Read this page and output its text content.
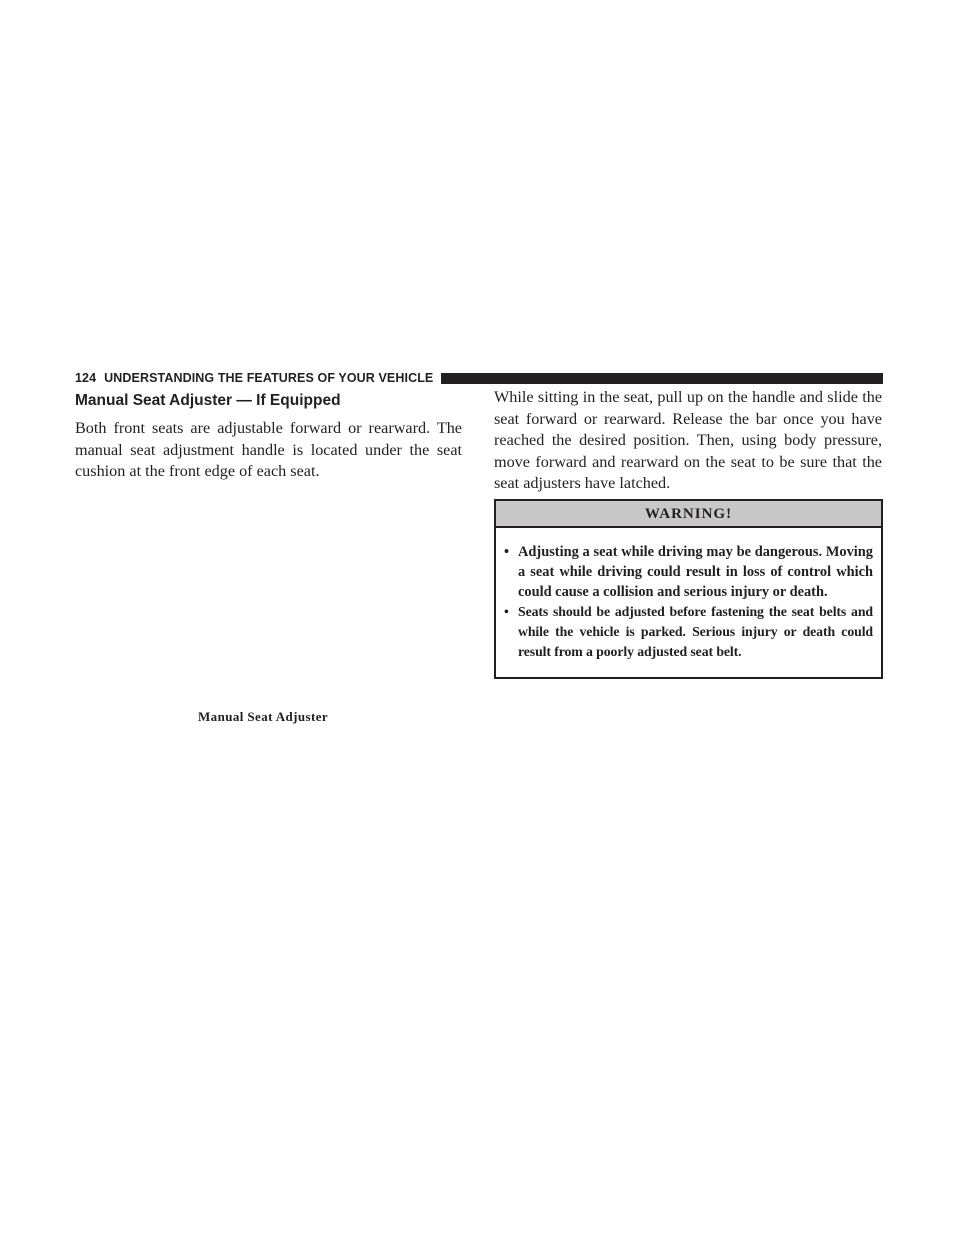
124 UNDERSTANDING THE FEATURES OF YOUR VEHICLE
Manual Seat Adjuster — If Equipped

Both front seats are adjustable forward or rearward. The manual seat adjustment handle is located under the seat cushion at the front edge of each seat.

Manual Seat Adjuster

While sitting in the seat, pull up on the handle and slide the seat forward or rearward. Release the bar once you have reached the desired position. Then, using body pressure, move forward and rearward on the seat to be sure that the seat adjusters have latched.

WARNING!
• Adjusting a seat while driving may be dangerous. Moving a seat while driving could result in loss of control which could cause a collision and serious injury or death.
• Seats should be adjusted before fastening the seat belts and while the vehicle is parked. Serious injury or death could result from a poorly adjusted seat belt.
